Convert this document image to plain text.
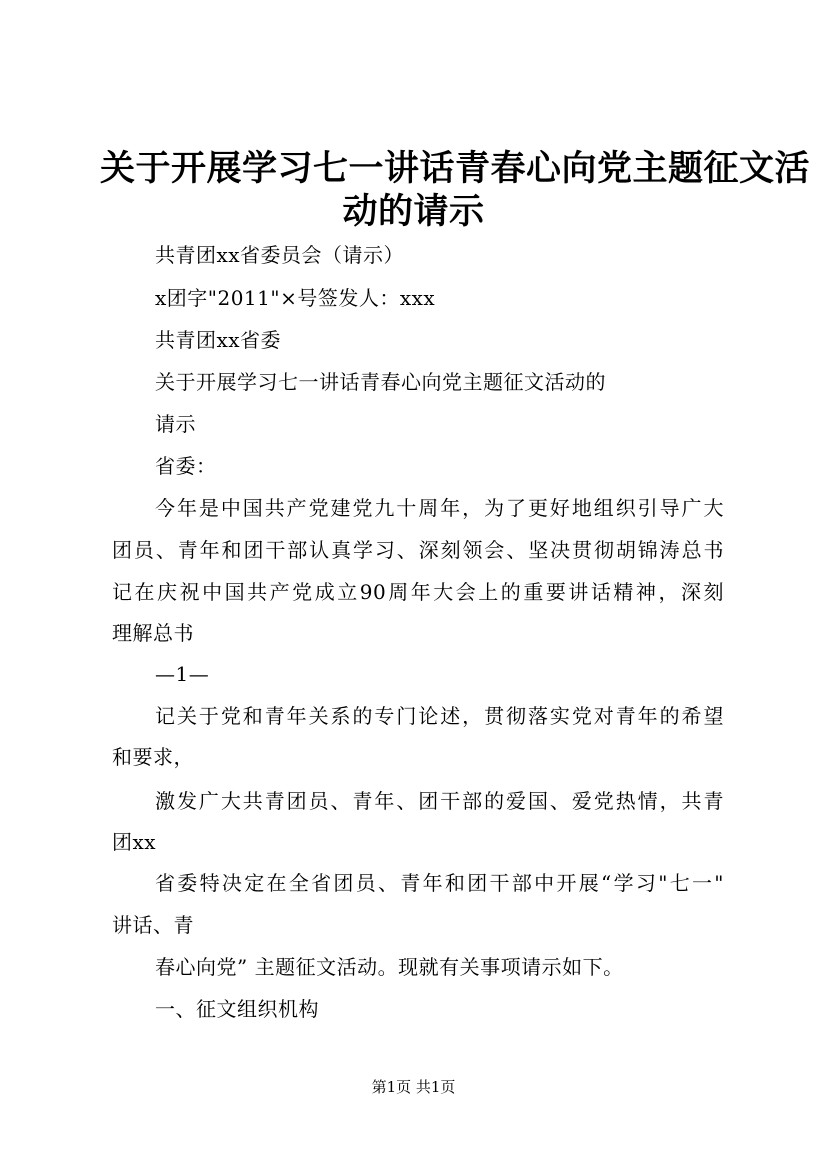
关于开展学习七一讲话青春心向党主题征文活
动的请示
共青团xx省委员会（请示）
x团字"2011"×号签发人：xxx
共青团xx省委
关于开展学习七一讲话青春心向党主题征文活动的
请示
省委：
今年是中国共产党建党九十周年，为了更好地组织引导广大
团员、青年和团干部认真学习、深刻领会、坚决贯彻胡锦涛总书
记在庆祝中国共产党成立90周年大会上的重要讲话精神，深刻
理解总书
—1—
记关于党和青年关系的专门论述，贯彻落实党对青年的希望
和要求，
激发广大共青团员、青年、团干部的爱国、爱党热情，共青
团xx
省委特决定在全省团员、青年和团干部中开展“学习"七一"
讲话、青
春心向党” 主题征文活动。现就有关事项请示如下。
一、征文组织机构
第1页 共1页
